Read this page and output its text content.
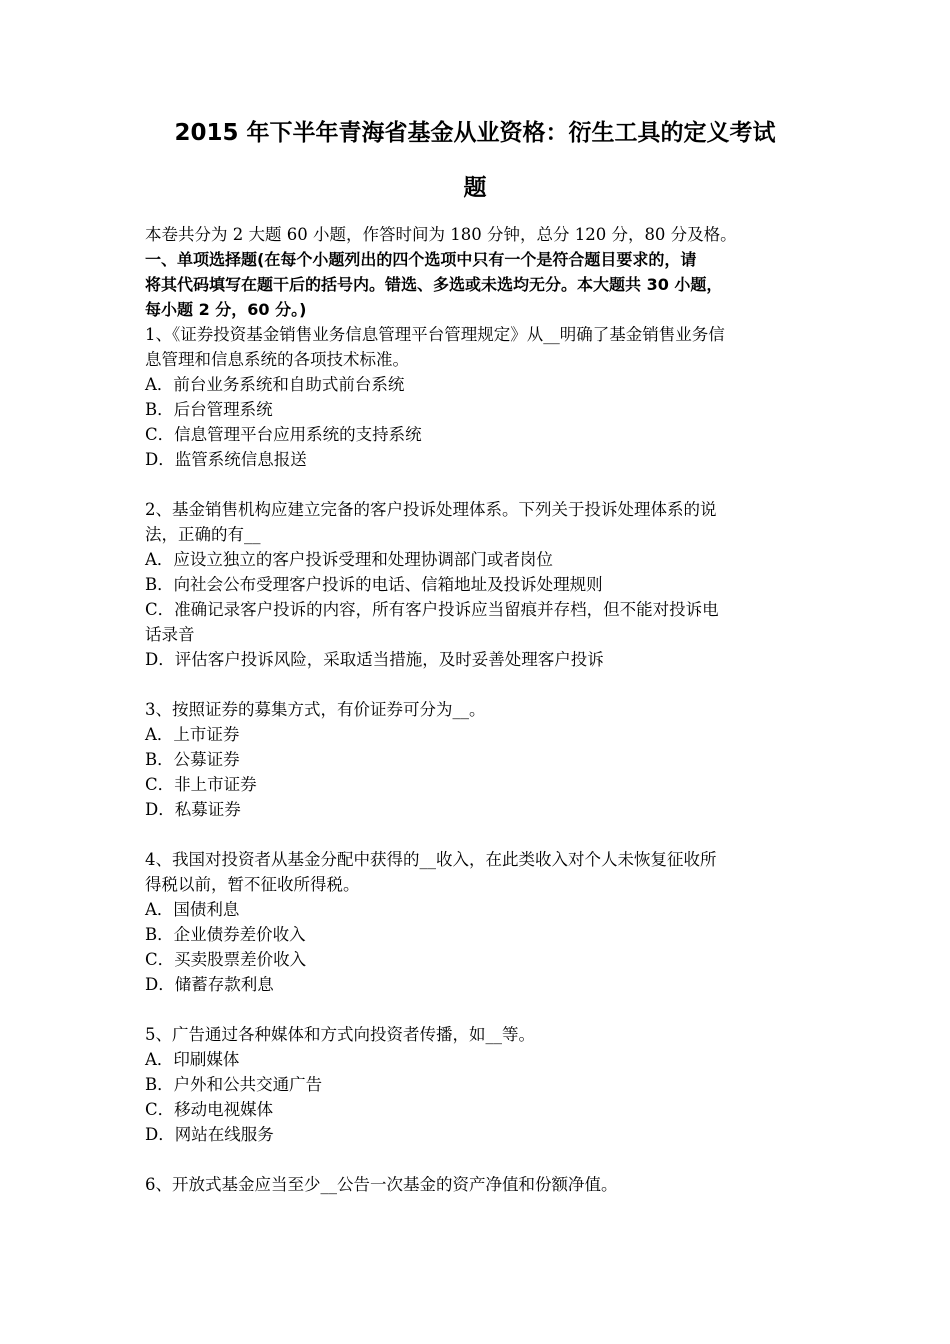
2015 年下半年青海省基金从业资格：衍生工具的定义考试
题
本卷共分为 2 大题 60 小题，作答时间为 180 分钟，总分 120 分，80 分及格。
一、单项选择题(在每个小题列出的四个选项中只有一个是符合题目要求的，请
将其代码填写在题干后的括号内。错选、多选或未选均无分。本大题共 30 小题，
每小题 2 分，60 分。)
1、《证券投资基金销售业务信息管理平台管理规定》从__明确了基金销售业务信
息管理和信息系统的各项技术标准。
A．前台业务系统和自助式前台系统
B．后台管理系统
C．信息管理平台应用系统的支持系统
D．监管系统信息报送
2、基金销售机构应建立完备的客户投诉处理体系。下列关于投诉处理体系的说
法，正确的有__
A．应设立独立的客户投诉受理和处理协调部门或者岗位
B．向社会公布受理客户投诉的电话、信箱地址及投诉处理规则
C．准确记录客户投诉的内容，所有客户投诉应当留痕并存档，但不能对投诉电
话录音
D．评估客户投诉风险，采取适当措施，及时妥善处理客户投诉
3、按照证券的募集方式，有价证券可分为__。
A．上市证券
B．公募证券
C．非上市证券
D．私募证券
4、我国对投资者从基金分配中获得的__收入，在此类收入对个人未恢复征收所
得税以前，暂不征收所得税。
A．国债利息
B．企业债券差价收入
C．买卖股票差价收入
D．储蓄存款利息
5、广告通过各种媒体和方式向投资者传播，如__等。
A．印刷媒体
B．户外和公共交通广告
C．移动电视媒体
D．网站在线服务
6、开放式基金应当至少__公告一次基金的资产净值和份额净值。
